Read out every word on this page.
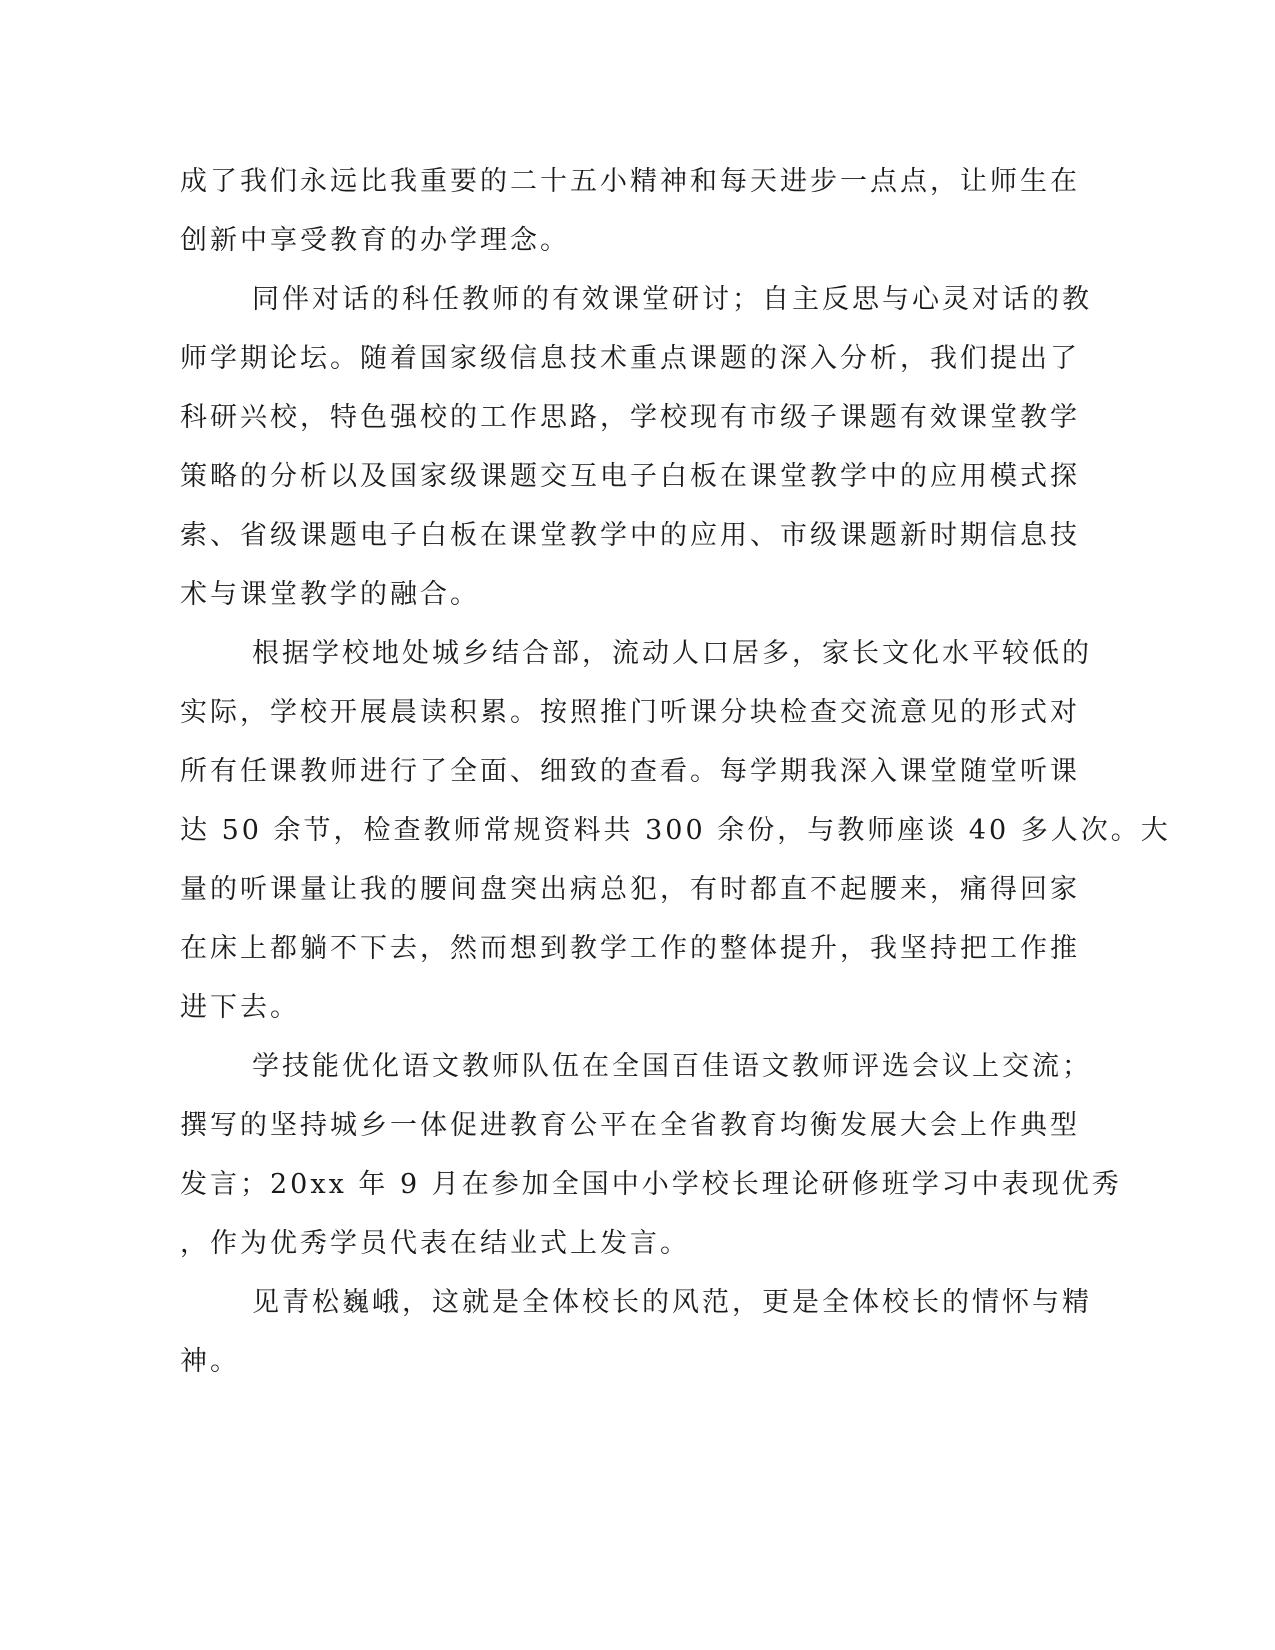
成了我们永远比我重要的二十五小精神和每天进步一点点，让师生在
创新中享受教育的办学理念。
同伴对话的科任教师的有效课堂研讨；自主反思与心灵对话的教
师学期论坛。随着国家级信息技术重点课题的深入分析，我们提出了
科研兴校，特色强校的工作思路，学校现有市级子课题有效课堂教学
策略的分析以及国家级课题交互电子白板在课堂教学中的应用模式探
索、省级课题电子白板在课堂教学中的应用、市级课题新时期信息技
术与课堂教学的融合。
根据学校地处城乡结合部，流动人口居多，家长文化水平较低的
实际，学校开展晨读积累。按照推门听课分块检查交流意见的形式对
所有任课教师进行了全面、细致的查看。每学期我深入课堂随堂听课
达 50 余节，检查教师常规资料共 300 余份，与教师座谈 40 多人次。大
量的听课量让我的腰间盘突出病总犯，有时都直不起腰来，痛得回家
在床上都躺不下去，然而想到教学工作的整体提升，我坚持把工作推
进下去。
学技能优化语文教师队伍在全国百佳语文教师评选会议上交流；
撰写的坚持城乡一体促进教育公平在全省教育均衡发展大会上作典型
发言；20xx 年 9 月在参加全国中小学校长理论研修班学习中表现优秀
，作为优秀学员代表在结业式上发言。
见青松巍峨，这就是全体校长的风范，更是全体校长的情怀与精
神。
